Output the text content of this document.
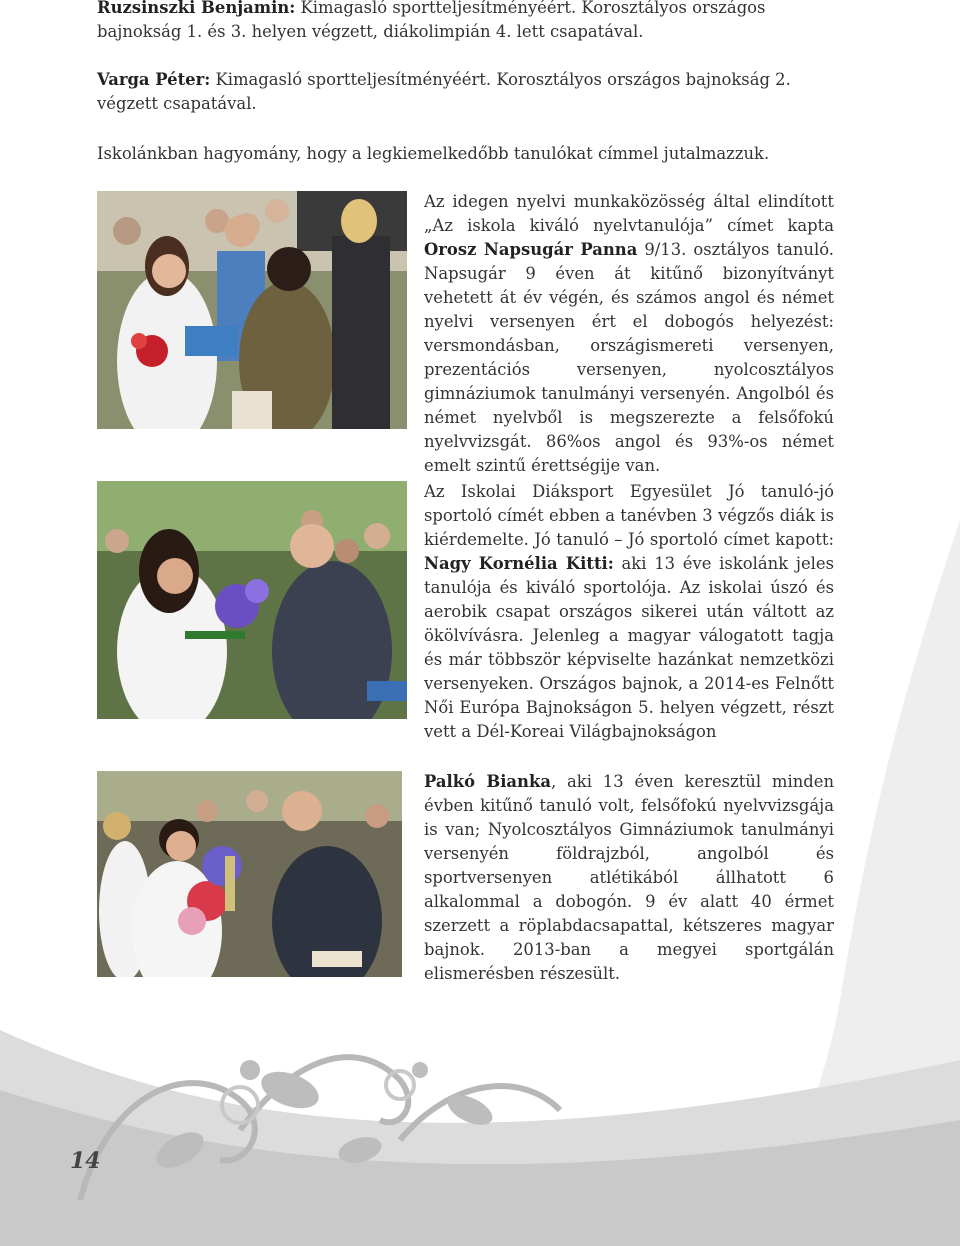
Ruzsinszki Benjamin: Kimagasló sportteljesítményéért. Korosztályos országos bajnokság 1. és 3. helyen végzett, diákolimpián 4. lett csapatával.

Varga Péter: Kimagasló sportteljesítményéért. Korosztályos országos bajnokság 2. végzett csapatával.

Iskolánkban hagyomány, hogy a legkiemelkedőbb tanulókat címmel jutalmazzuk.

Az idegen nyelvi munkaközösség által elindított „Az iskola kiváló nyelvtanulója” címet kapta Orosz Napsugár Panna 9/13. osztályos tanuló. Napsugár 9 éven át kitűnő bizonyítványt vehetett át év végén, és számos angol és német nyelvi versenyen ért el dobogós helyezést: versmondásban, országismereti versenyen, prezentációs versenyen, nyolcosztályos gimnáziumok tanulmányi versenyén. Angolból és német nyelvből is megszerezte a felsőfokú nyelvvizsgát. 86%os angol és 93%-os német emelt szintű érettségije van.

Az Iskolai Diáksport Egyesület Jó tanuló-jó sportoló címét ebben a tanévben 3 végzős diák is kiérdemelte. Jó tanuló – Jó sportoló címet kapott: Nagy Kornélia Kitti: aki 13 éve iskolánk jeles tanulója és kiváló sportolója. Az iskolai úszó és aerobik csapat országos sikerei után váltott az ökölvívásra. Jelenleg a magyar válogatott tagja és már többször képviselte hazánkat nemzetközi versenyeken. Országos bajnok, a 2014-es Felnőtt Női Európa Bajnokságon 5. helyen végzett, részt vett a Dél-Koreai Világbajnokságon

Palkó Bianka, aki 13 éven keresztül minden évben kitűnő tanuló volt, felsőfokú nyelvvizsgája is van; Nyolcosztályos Gimnáziumok tanulmányi versenyén földrajzból, angolból és sportversenyen atlétikából állhatott 6 alkalommal a dobogón. 9 év alatt 40 érmet szerzett a röplabdacsapattal, kétszeres magyar bajnok. 2013-ban a megyei sportgálán elismerésben részesült.

14
